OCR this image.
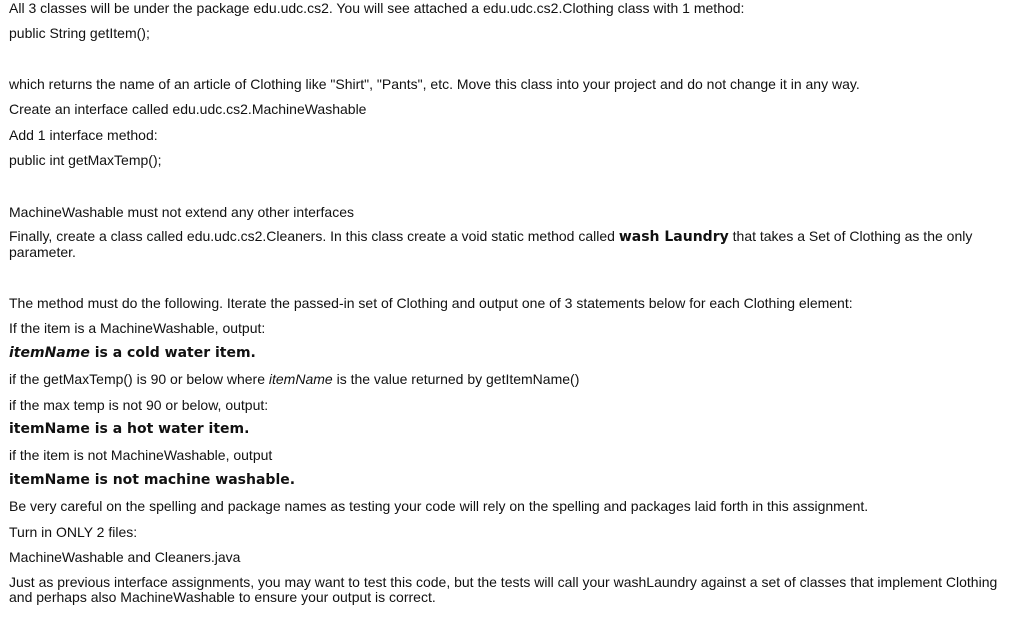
All 3 classes will be under the package edu.udc.cs2. You will see attached a edu.udc.cs2.Clothing class with 1 method:
public String getItem();
which returns the name of an article of Clothing like "Shirt", "Pants", etc. Move this class into your project and do not change it in any way.
Create an interface called edu.udc.cs2.MachineWashable
Add 1 interface method:
public int getMaxTemp();
MachineWashable must not extend any other interfaces
Finally, create a class called edu.udc.cs2.Cleaners. In this class create a void static method called wash Laundry that takes a Set of Clothing as the only parameter.
The method must do the following. Iterate the passed-in set of Clothing and output one of 3 statements below for each Clothing element:
If the item is a MachineWashable, output:
itemName is a cold water item.
if the getMaxTemp() is 90 or below where itemName is the value returned by getItemName()
if the max temp is not 90 or below, output:
itemName is a hot water item.
if the item is not MachineWashable, output
itemName is not machine washable.
Be very careful on the spelling and package names as testing your code will rely on the spelling and packages laid forth in this assignment.
Turn in ONLY 2 files:
MachineWashable and Cleaners.java
Just as previous interface assignments, you may want to test this code, but the tests will call your washLaundry against a set of classes that implement Clothing and perhaps also MachineWashable to ensure your output is correct.
